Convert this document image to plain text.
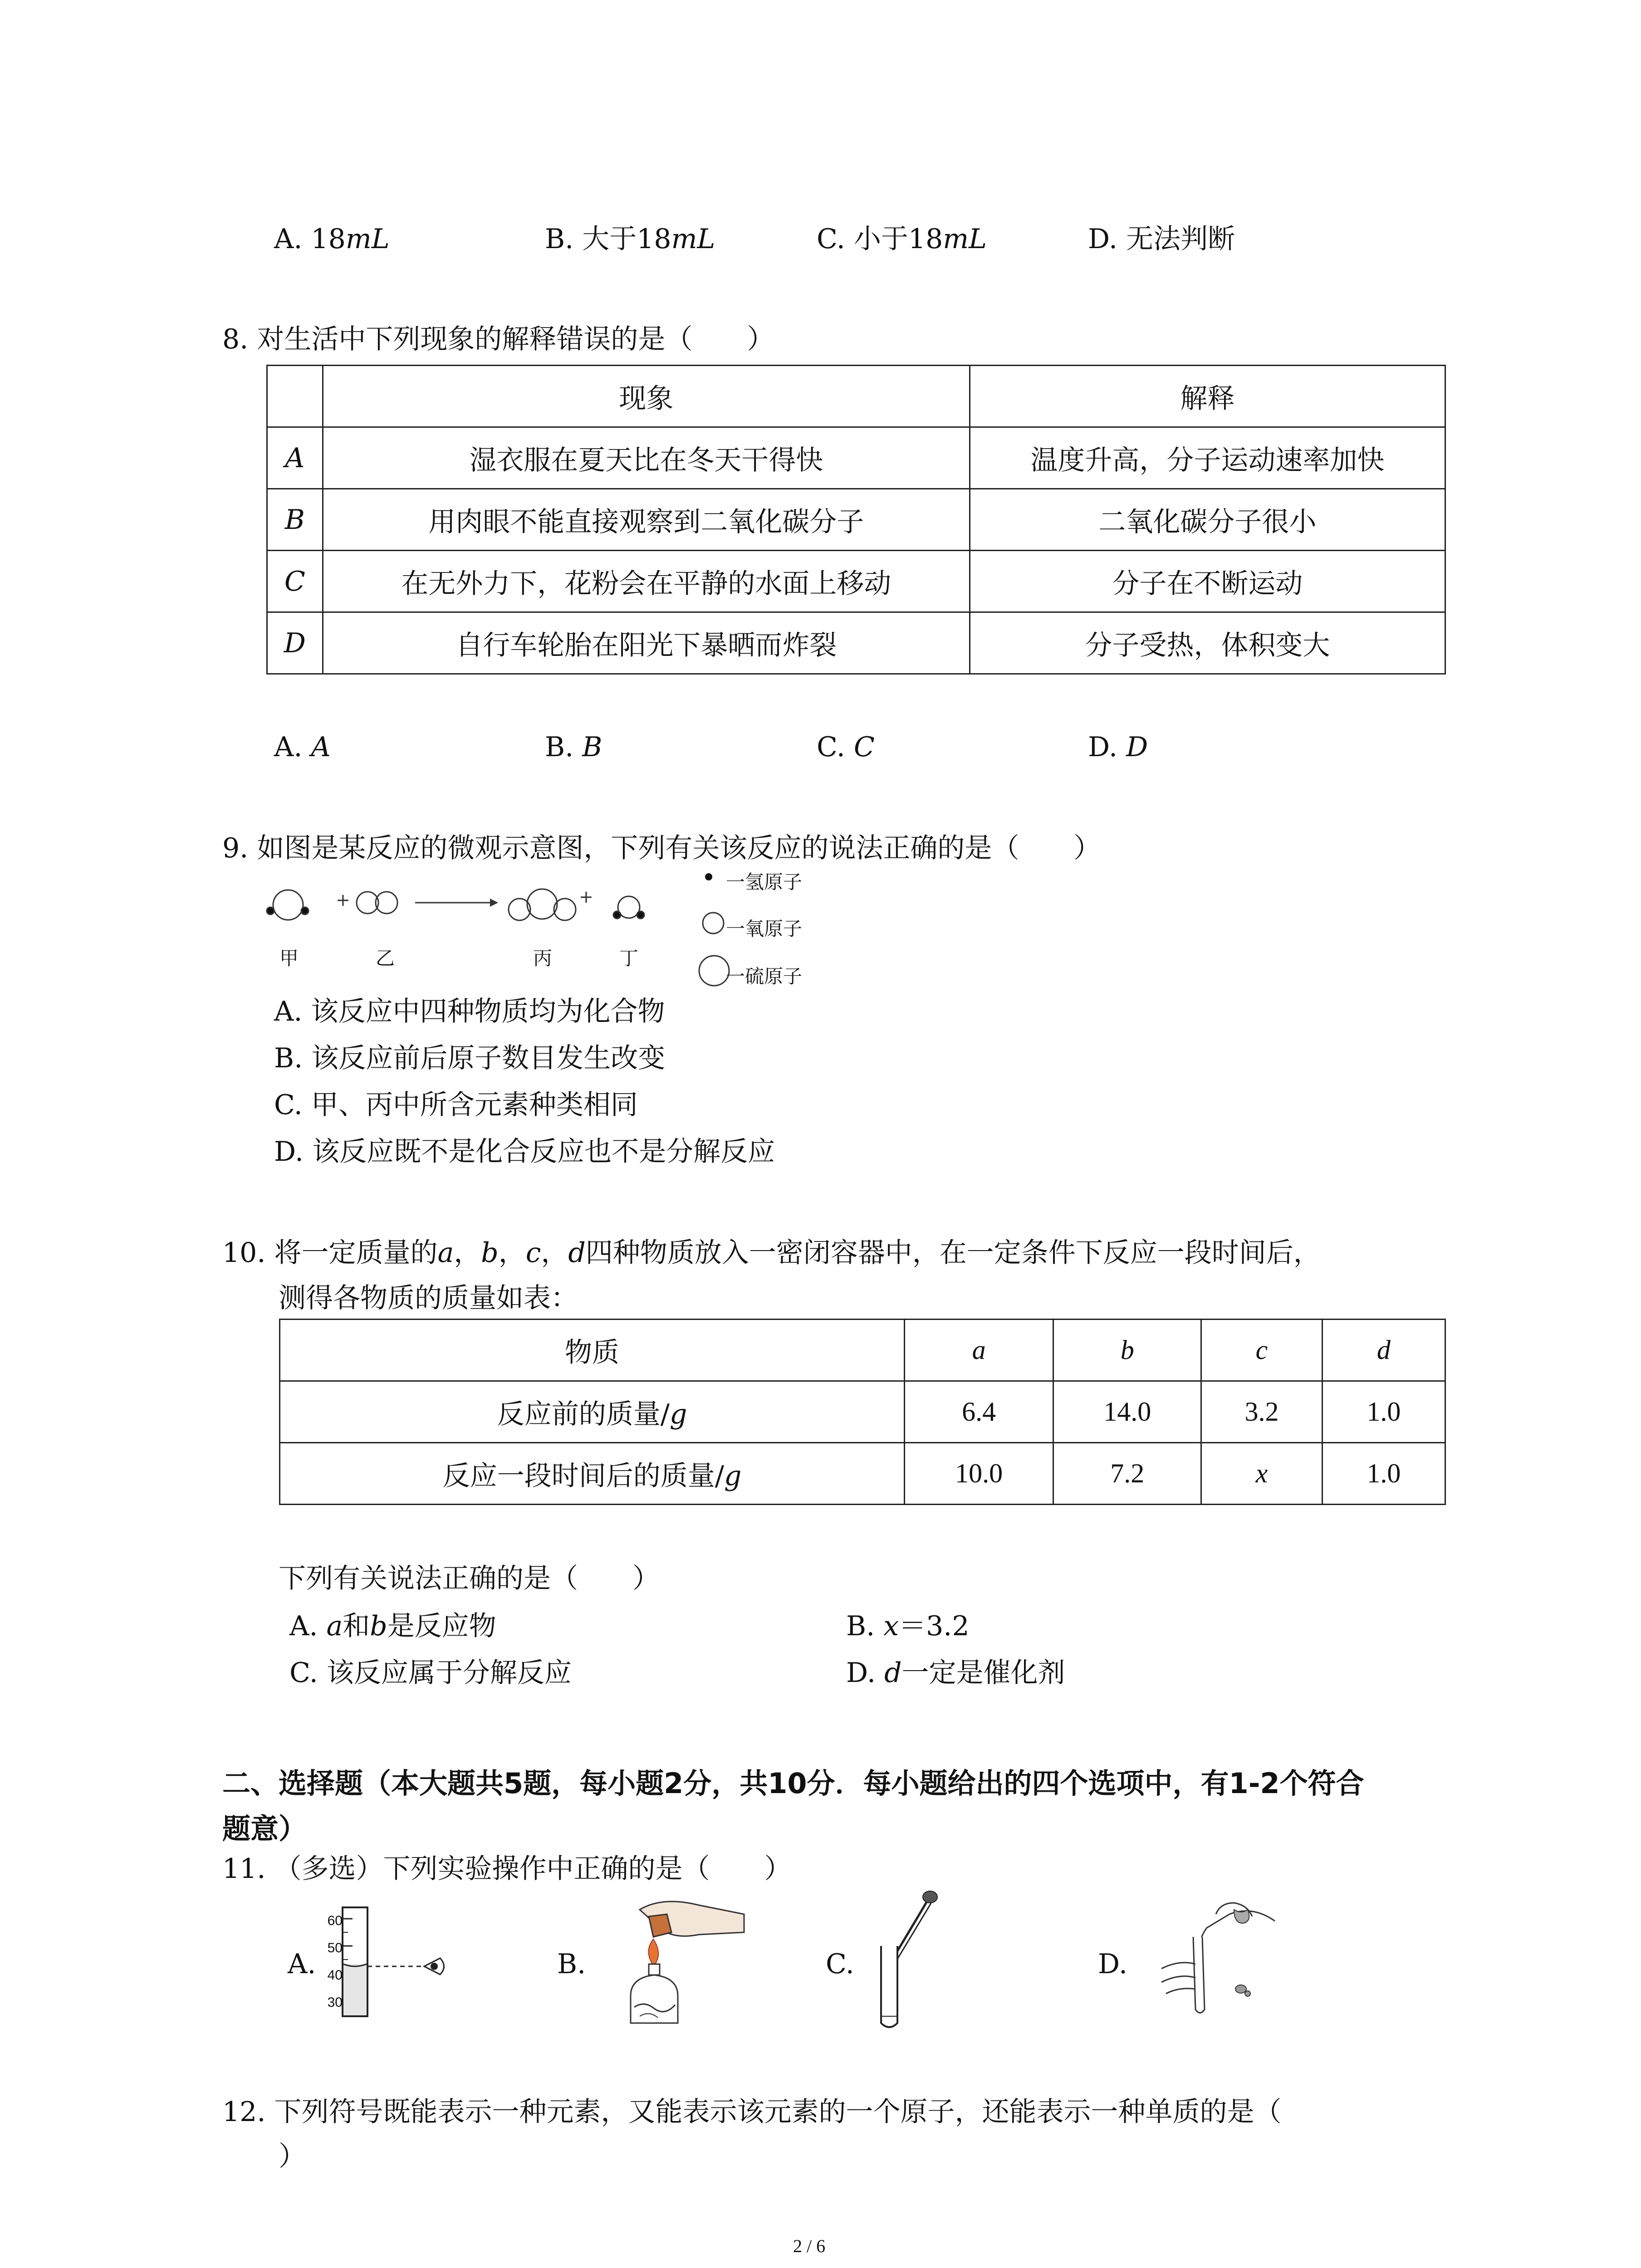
A. 18mL	B. 大于18mL	C. 小于18mL	D. 无法判断
8. 对生活中下列现象的解释错误的是（　　）
	现象	解释
A	湿衣服在夏天比在冬天干得快	温度升高，分子运动速率加快
B	用肉眼不能直接观察到二氧化碳分子	二氧化碳分子很小
C	在无外力下，花粉会在平静的水面上移动	分子在不断运动
D	自行车轮胎在阳光下暴晒而炸裂	分子受热，体积变大
A. A	B. B	C. C	D. D
9. 如图是某反应的微观示意图，下列有关该反应的说法正确的是（　　）
+	+
甲	乙	丙	丁
一氢原子
一氧原子
一硫原子
A. 该反应中四种物质均为化合物
B. 该反应前后原子数目发生改变
C. 甲、丙中所含元素种类相同
D. 该反应既不是化合反应也不是分解反应
10. 将一定质量的a，b，c，d四种物质放入一密闭容器中，在一定条件下反应一段时间后，
测得各物质的质量如表：
物质	a	b	c	d
反应前的质量/g	6.4	14.0	3.2	1.0
反应一段时间后的质量/g	10.0	7.2	x	1.0
下列有关说法正确的是（　　）
A. a和b是反应物	B. x＝3.2
C. 该反应属于分解反应	D. d一定是催化剂
二、选择题（本大题共5题，每小题2分，共10分．每小题给出的四个选项中，有1-2个符合
题意）
11. （多选）下列实验操作中正确的是（　　）
A.	B.	C.	D.
60
50
40
30
12. 下列符号既能表示一种元素，又能表示该元素的一个原子，还能表示一种单质的是（
）
2 / 6
